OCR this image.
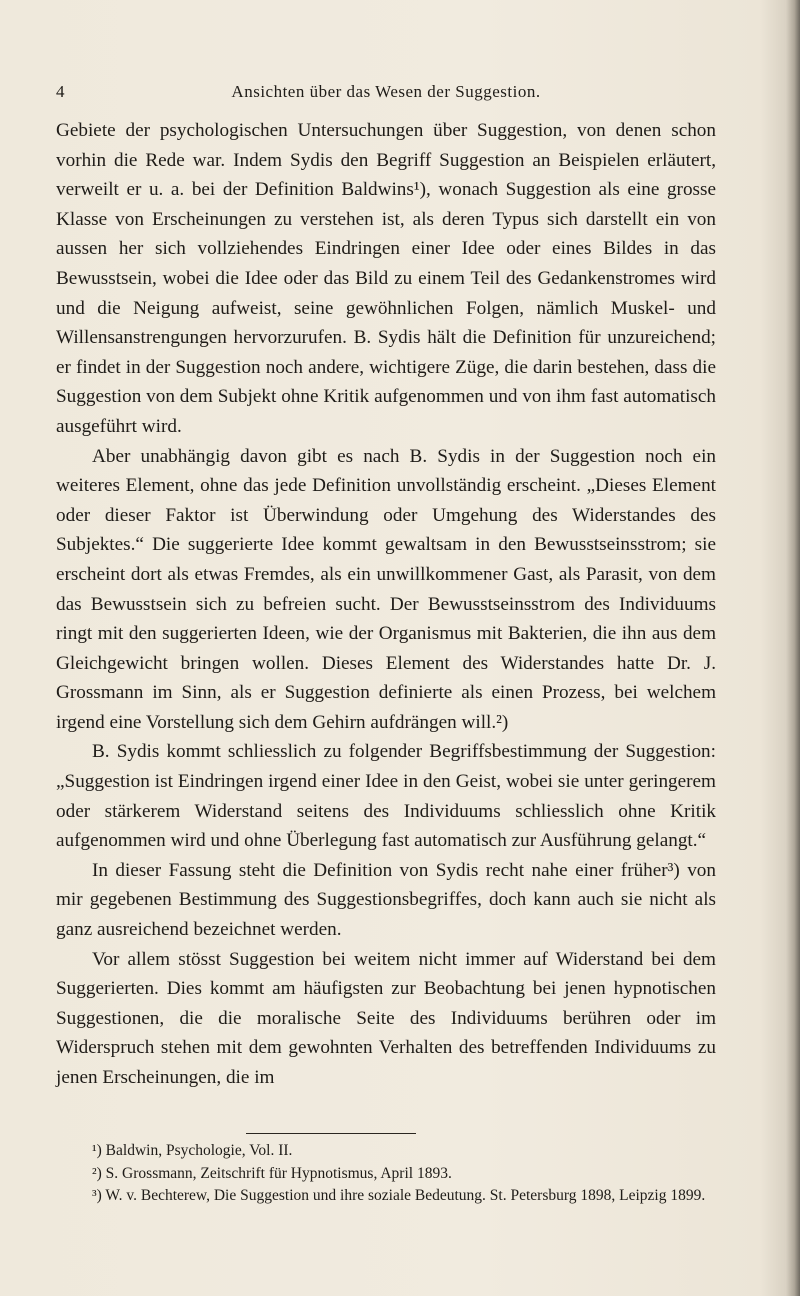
4	Ansichten über das Wesen der Suggestion.

Gebiete der psychologischen Untersuchungen über Suggestion, von denen schon vorhin die Rede war. Indem Sydis den Begriff Suggestion an Beispielen erläutert, verweilt er u. a. bei der Definition Baldwins¹), wonach Suggestion als eine grosse Klasse von Erscheinungen zu verstehen ist, als deren Typus sich darstellt ein von aussen her sich vollziehendes Eindringen einer Idee oder eines Bildes in das Bewusstsein, wobei die Idee oder das Bild zu einem Teil des Gedankenstromes wird und die Neigung aufweist, seine gewöhnlichen Folgen, nämlich Muskel- und Willensanstrengungen hervorzurufen. B. Sydis hält die Definition für unzureichend; er findet in der Suggestion noch andere, wichtigere Züge, die darin bestehen, dass die Suggestion von dem Subjekt ohne Kritik aufgenommen und von ihm fast automatisch ausgeführt wird.

Aber unabhängig davon gibt es nach B. Sydis in der Suggestion noch ein weiteres Element, ohne das jede Definition unvollständig erscheint. „Dieses Element oder dieser Faktor ist Überwindung oder Umgehung des Widerstandes des Subjektes.“ Die suggerierte Idee kommt gewaltsam in den Bewusstseinsstrom; sie erscheint dort als etwas Fremdes, als ein unwillkommener Gast, als Parasit, von dem das Bewusstsein sich zu befreien sucht. Der Bewusstseinsstrom des Individuums ringt mit den suggerierten Ideen, wie der Organismus mit Bakterien, die ihn aus dem Gleichgewicht bringen wollen. Dieses Element des Widerstandes hatte Dr. J. Grossmann im Sinn, als er Suggestion definierte als einen Prozess, bei welchem irgend eine Vorstellung sich dem Gehirn aufdrängen will.²)

B. Sydis kommt schliesslich zu folgender Begriffsbestimmung der Suggestion: „Suggestion ist Eindringen irgend einer Idee in den Geist, wobei sie unter geringerem oder stärkerem Widerstand seitens des Individuums schliesslich ohne Kritik aufgenommen wird und ohne Überlegung fast automatisch zur Ausführung gelangt.“

In dieser Fassung steht die Definition von Sydis recht nahe einer früher³) von mir gegebenen Bestimmung des Suggestionsbegriffes, doch kann auch sie nicht als ganz ausreichend bezeichnet werden.

Vor allem stösst Suggestion bei weitem nicht immer auf Widerstand bei dem Suggerierten. Dies kommt am häufigsten zur Beobachtung bei jenen hypnotischen Suggestionen, die die moralische Seite des Individuums berühren oder im Widerspruch stehen mit dem gewohnten Verhalten des betreffenden Individuums zu jenen Erscheinungen, die im

¹) Baldwin, Psychologie, Vol. II.

²) S. Grossmann, Zeitschrift für Hypnotismus, April 1893.

³) W. v. Bechterew, Die Suggestion und ihre soziale Bedeutung. St. Petersburg 1898, Leipzig 1899.
